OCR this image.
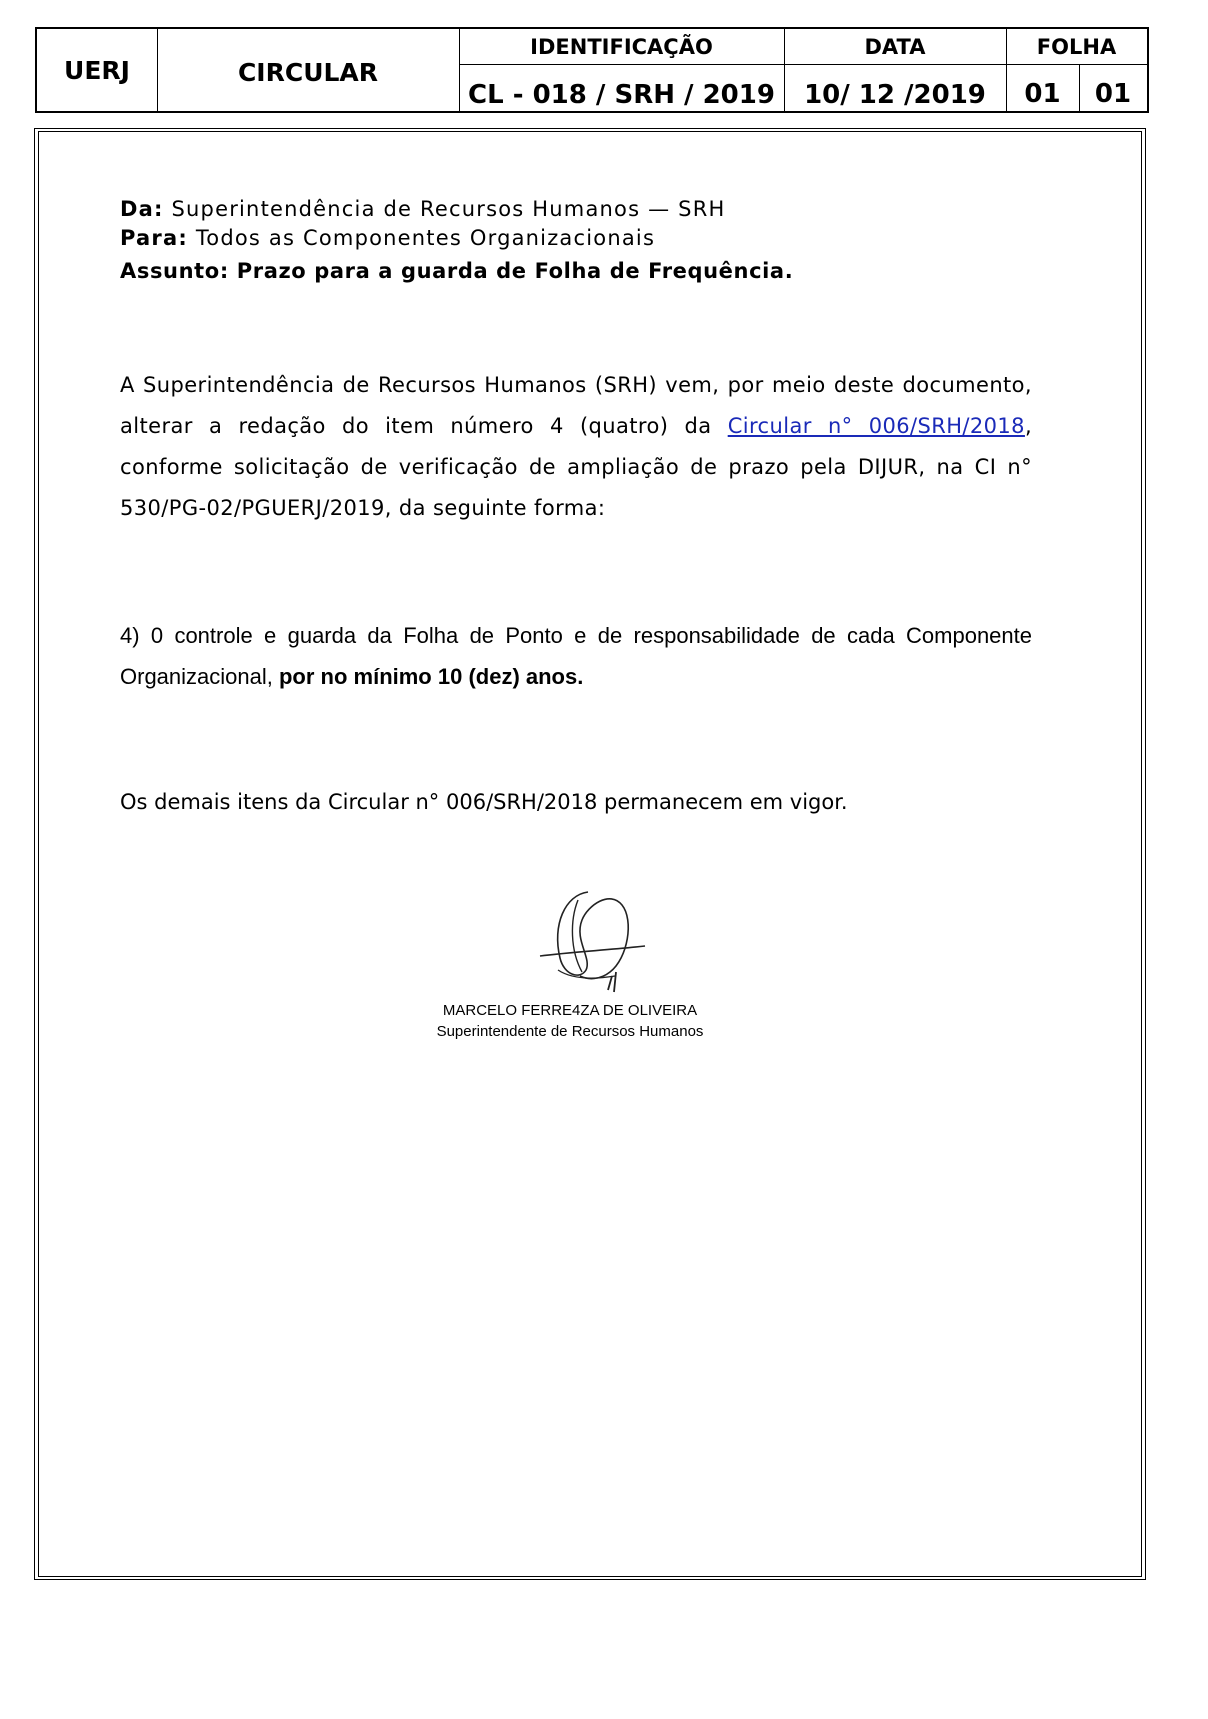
UERJ	CIRCULAR
IDENTIFICAÇÃO
CL - 018 / SRH / 2019
DATA
10/ 12 /2019
FOLHA
01	01
Da: Superintendência de Recursos Humanos — SRH
Para: Todos as Componentes Organizacionais
Assunto: Prazo para a guarda de Folha de Frequência.
A Superintendência de Recursos Humanos (SRH) vem, por meio deste documento, alterar a redação do item número 4 (quatro) da Circular n° 006/SRH/2018, conforme solicitação de verificação de ampliação de prazo pela DIJUR, na CI n° 530/PG-02/PGUERJ/2019, da seguinte forma:
4) 0 controle e guarda da Folha de Ponto e de responsabilidade de cada Componente Organizacional, por no mínimo 10 (dez) anos.
Os demais itens da Circular n° 006/SRH/2018 permanecem em vigor.
MARCELO FERRE4ZA DE OLIVEIRA
Superintendente de Recursos Humanos
